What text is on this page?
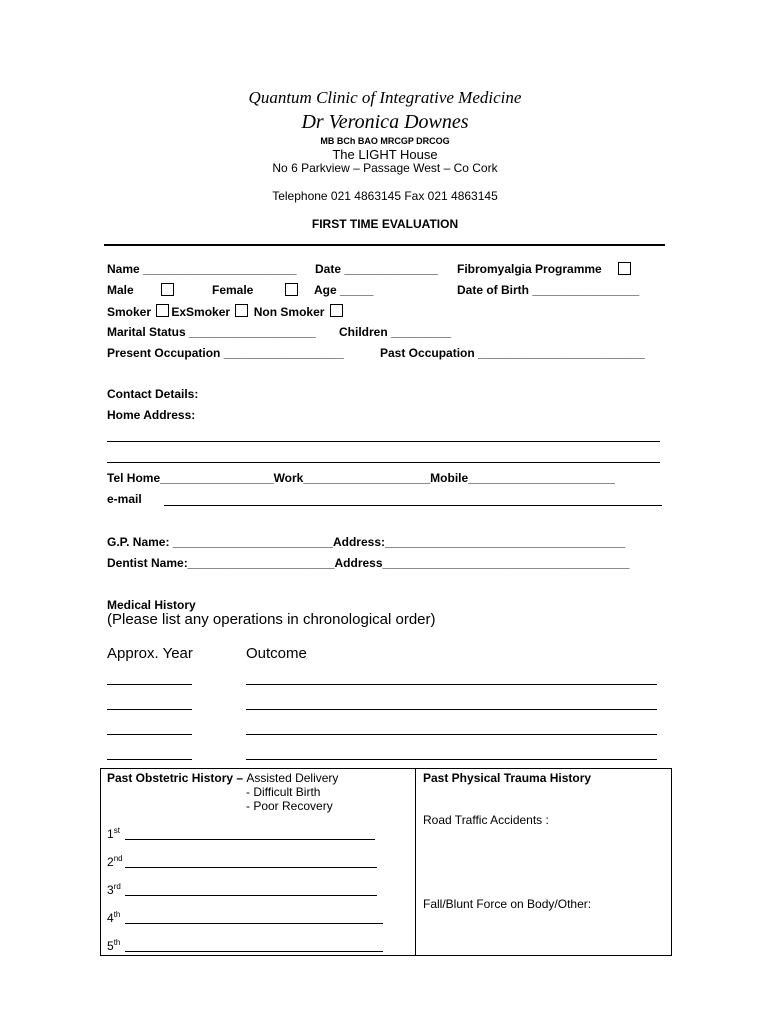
Quantum Clinic of Integrative Medicine
Dr Veronica Downes
MB BCh BAO MRCGP DRCOG
The LIGHT House
No 6 Parkview – Passage West – Co Cork
Telephone 021 4863145 Fax 021 4863145
FIRST TIME EVALUATION
Name _______________________ Date ______________ Fibromyalgia Programme
Male	Female	Age _____	Date of Birth ________________
Smoker ExSmoker Non Smoker
Marital Status ___________________ Children _________
Present Occupation __________________	Past Occupation _________________________
Contact Details:
Home Address:
Tel Home_________________Work___________________Mobile______________________
e-mail
G.P. Name: ________________________Address:____________________________________
Dentist Name:______________________Address_____________________________________
Medical History
(Please list any operations in chronological order)
Approx. Year	Outcome
Past Obstetric History – Assisted Delivery
- Difficult Birth
- Poor Recovery
1st
2nd
3rd
4th
5th
Past Physical Trauma History
Road Traffic Accidents :
Fall/Blunt Force on Body/Other:
